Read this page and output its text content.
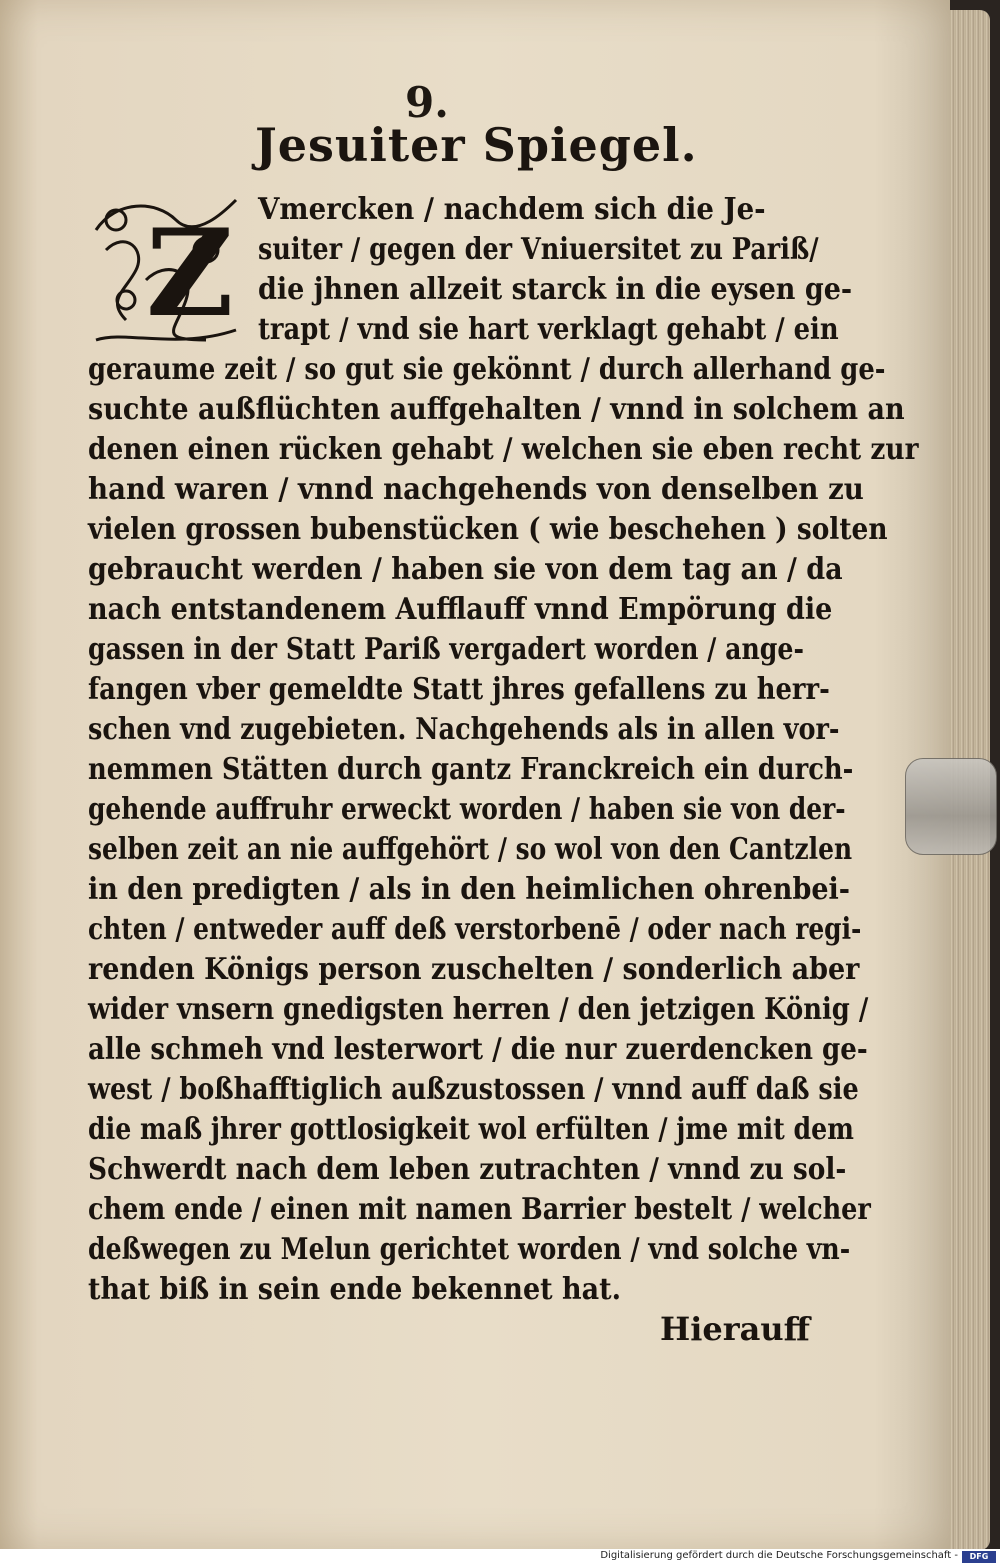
9.
Jesuiter Spiegel.
Z Vmercken / nachdem sich die Je-
suiter / gegen der Vniuersitet zu Pariß/
die jhnen allzeit starck in die eysen ge-
trapt / vnd sie hart verklagt gehabt / ein
geraume zeit / so gut sie gekönnt / durch allerhand ge-
suchte außflüchten auffgehalten / vnnd in solchem an
denen einen rücken gehabt / welchen sie eben recht zur
hand waren / vnnd nachgehends von denselben zu
vielen grossen bubenstücken ( wie beschehen ) solten
gebraucht werden / haben sie von dem tag an / da
nach entstandenem Aufflauff vnnd Empörung die
gassen in der Statt Pariß vergadert worden / ange-
fangen vber gemeldte Statt jhres gefallens zu herr-
schen vnd zugebieten. Nachgehends als in allen vor-
nemmen Stätten durch gantz Franckreich ein durch-
gehende auffruhr erweckt worden / haben sie von der-
selben zeit an nie auffgehört / so wol von den Cantzlen
in den predigten / als in den heimlichen ohrenbei-
chten / entweder auff deß verstorbenē / oder nach regi-
renden Königs person zuschelten / sonderlich aber
wider vnsern gnedigsten herren / den jetzigen König /
alle schmeh vnd lesterwort / die nur zuerdencken ge-
west / boßhafftiglich außzustossen / vnnd auff daß sie
die maß jhrer gottlosigkeit wol erfülten / jme mit dem
Schwerdt nach dem leben zutrachten / vnnd zu sol-
chem ende / einen mit namen Barrier bestelt / welcher
deßwegen zu Melun gerichtet worden / vnd solche vn-
that biß in sein ende bekennet hat.
Hierauff
Digitalisierung gefördert durch die Deutsche Forschungsgemeinschaft -	DFG
